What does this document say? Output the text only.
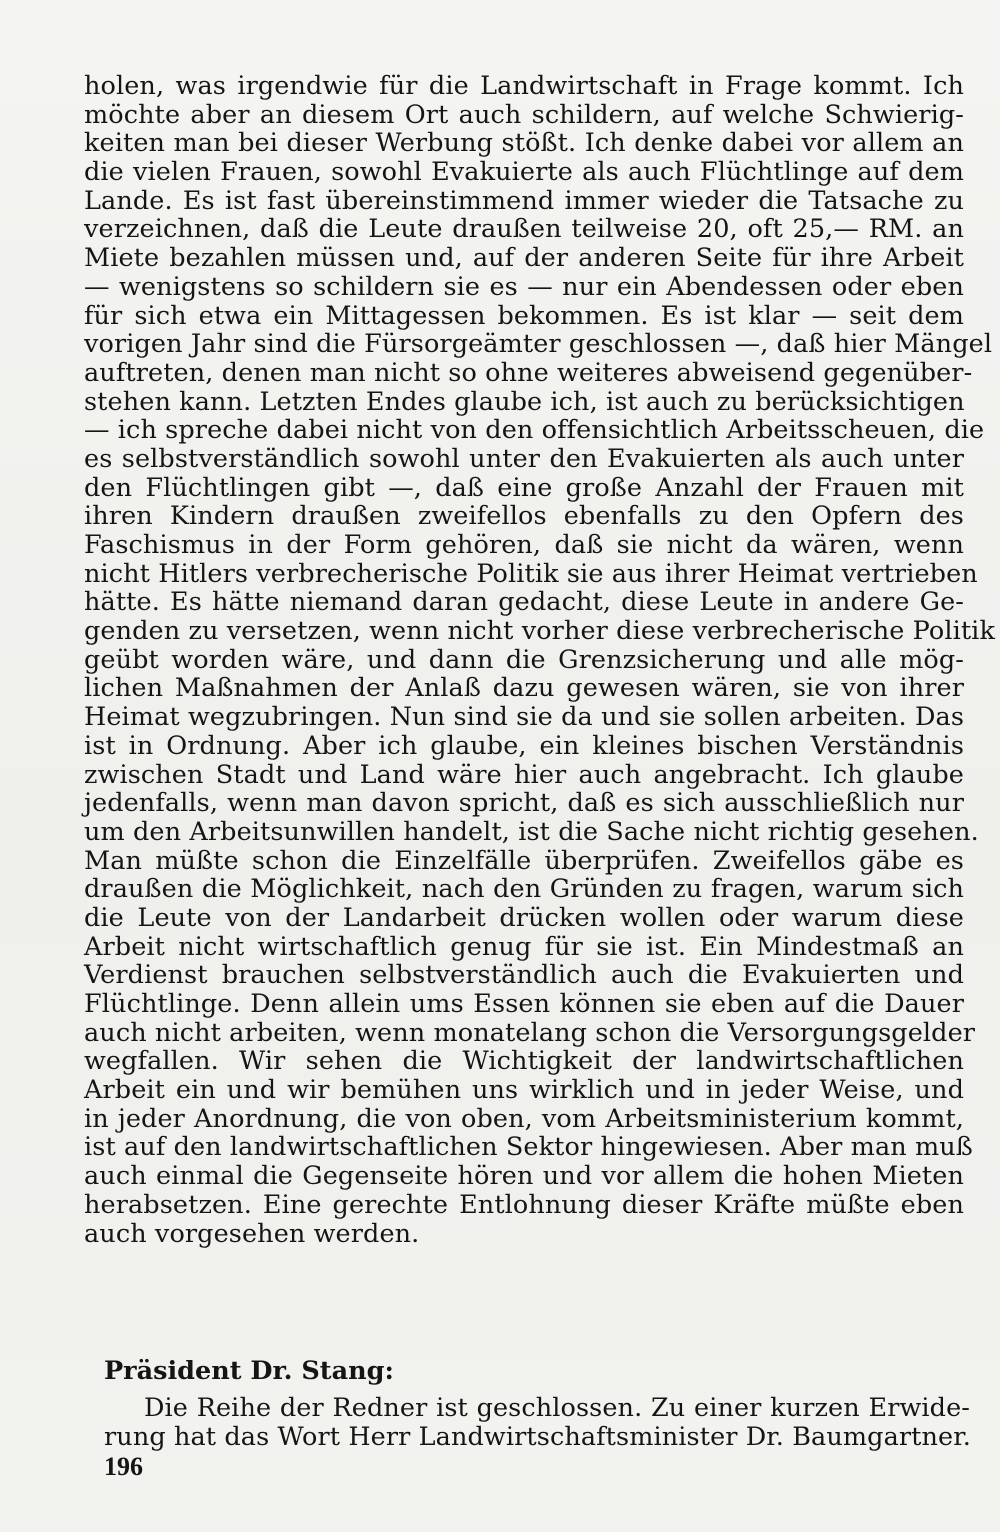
holen, was irgendwie für die Landwirtschaft in Frage kommt. Ich
möchte aber an diesem Ort auch schildern, auf welche Schwierig-
keiten man bei dieser Werbung stößt. Ich denke dabei vor allem an
die vielen Frauen, sowohl Evakuierte als auch Flüchtlinge auf dem
Lande. Es ist fast übereinstimmend immer wieder die Tatsache zu
verzeichnen, daß die Leute draußen teilweise 20, oft 25,— RM. an
Miete bezahlen müssen und, auf der anderen Seite für ihre Arbeit
— wenigstens so schildern sie es — nur ein Abendessen oder eben
für sich etwa ein Mittagessen bekommen. Es ist klar — seit dem
vorigen Jahr sind die Fürsorgeämter geschlossen —, daß hier Mängel
auftreten, denen man nicht so ohne weiteres abweisend gegenüber-
stehen kann. Letzten Endes glaube ich, ist auch zu berücksichtigen
— ich spreche dabei nicht von den offensichtlich Arbeitsscheuen, die
es selbstverständlich sowohl unter den Evakuierten als auch unter
den Flüchtlingen gibt —, daß eine große Anzahl der Frauen mit
ihren Kindern draußen zweifellos ebenfalls zu den Opfern des
Faschismus in der Form gehören, daß sie nicht da wären, wenn
nicht Hitlers verbrecherische Politik sie aus ihrer Heimat vertrieben
hätte. Es hätte niemand daran gedacht, diese Leute in andere Ge-
genden zu versetzen, wenn nicht vorher diese verbrecherische Politik
geübt worden wäre, und dann die Grenzsicherung und alle mög-
lichen Maßnahmen der Anlaß dazu gewesen wären, sie von ihrer
Heimat wegzubringen. Nun sind sie da und sie sollen arbeiten. Das
ist in Ordnung. Aber ich glaube, ein kleines bischen Verständnis
zwischen Stadt und Land wäre hier auch angebracht. Ich glaube
jedenfalls, wenn man davon spricht, daß es sich ausschließlich nur
um den Arbeitsunwillen handelt, ist die Sache nicht richtig gesehen.
Man müßte schon die Einzelfälle überprüfen. Zweifellos gäbe es
draußen die Möglichkeit, nach den Gründen zu fragen, warum sich
die Leute von der Landarbeit drücken wollen oder warum diese
Arbeit nicht wirtschaftlich genug für sie ist. Ein Mindestmaß an
Verdienst brauchen selbstverständlich auch die Evakuierten und
Flüchtlinge. Denn allein ums Essen können sie eben auf die Dauer
auch nicht arbeiten, wenn monatelang schon die Versorgungsgelder
wegfallen. Wir sehen die Wichtigkeit der landwirtschaftlichen
Arbeit ein und wir bemühen uns wirklich und in jeder Weise, und
in jeder Anordnung, die von oben, vom Arbeitsministerium kommt,
ist auf den landwirtschaftlichen Sektor hingewiesen. Aber man muß
auch einmal die Gegenseite hören und vor allem die hohen Mieten
herabsetzen. Eine gerechte Entlohnung dieser Kräfte müßte eben
auch vorgesehen werden.
Präsident Dr. Stang:
Die Reihe der Redner ist geschlossen. Zu einer kurzen Erwide-
rung hat das Wort Herr Landwirtschaftsminister Dr. Baumgartner.
196
